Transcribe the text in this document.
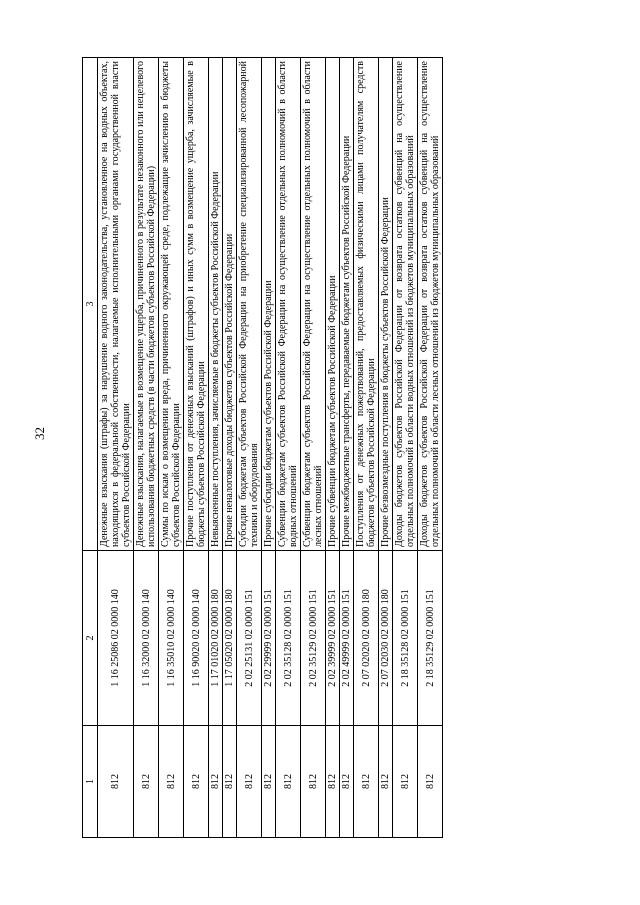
32
1	2	3
812	1 16 25086 02 0000 140	Денежные взыскания (штрафы) за нарушение водного законодательства, установленное на водных объектах, находящихся в федеральной собственности, налагаемые исполнительными органами государственной власти субъектов Российской Федерации
812	1 16 32000 02 0000 140	Денежные взыскания, налагаемые в возмещение ущерба, причиненного в результате незаконного или нецелевого использования бюджетных средств (в части бюджетов субъектов Российской Федерации)
812	1 16 35010 02 0000 140	Суммы по искам о возмещении вреда, причиненного окружающей среде, подлежащие зачислению в бюджеты субъектов Российской Федерации
812	1 16 90020 02 0000 140	Прочие поступления от денежных взысканий (штрафов) и иных сумм в возмещение ущерба, зачисляемые в бюджеты субъектов Российской Федерации
812	1 17 01020 02 0000 180	Невыясненные поступления, зачисляемые в бюджеты субъектов Российской Федерации
812	1 17 05020 02 0000 180	Прочие неналоговые доходы бюджетов субъектов Российской Федерации
812	2 02 25131 02 0000 151	Субсидии бюджетам субъектов Российской Федерации на приобретение специализированной лесопожарной техники и оборудования
812	2 02 29999 02 0000 151	Прочие субсидии бюджетам субъектов Российской Федерации
812	2 02 35128 02 0000 151	Субвенции бюджетам субъектов Российской Федерации на осуществление отдельных полномочий в области водных отношений
812	2 02 35129 02 0000 151	Субвенции бюджетам субъектов Российской Федерации на осуществление отдельных полномочий в области лесных отношений
812	2 02 39999 02 0000 151	Прочие субвенции бюджетам субъектов Российской Федерации
812	2 02 49999 02 0000 151	Прочие межбюджетные трансферты, передаваемые бюджетам субъектов Российской Федерации
812	2 07 02020 02 0000 180	Поступления от денежных пожертвований, предоставляемых физическими лицами получателям средств бюджетов субъектов Российской Федерации
812	2 07 02030 02 0000 180	Прочие безвозмездные поступления в бюджеты субъектов Российской Федерации
812	2 18 35128 02 0000 151	Доходы бюджетов субъектов Российской Федерации от возврата остатков субвенций на осуществление отдельных полномочий в области водных отношений из бюджетов муниципальных образований
812	2 18 35129 02 0000 151	Доходы бюджетов субъектов Российской Федерации от возврата остатков субвенций на осуществление отдельных полномочий в области лесных отношений из бюджетов муниципальных образований
